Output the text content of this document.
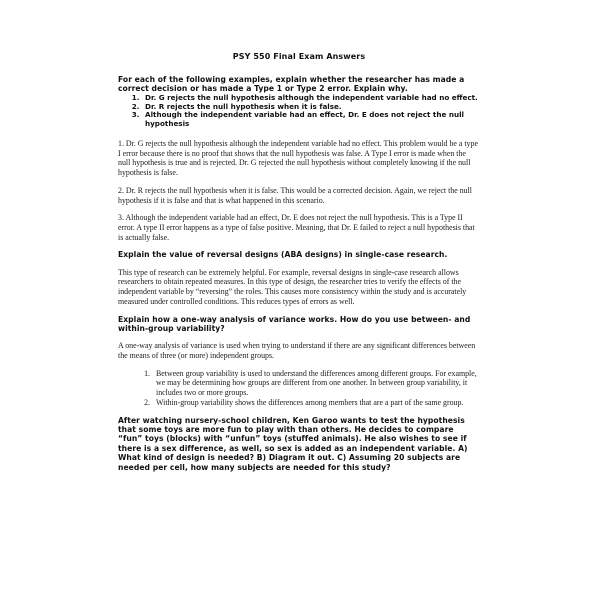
PSY 550 Final Exam Answers

For each of the following examples, explain whether the researcher has made a correct decision or has made a Type 1 or Type 2 error. Explain why.

1. Dr. G rejects the null hypothesis although the independent variable had no effect.
2. Dr. R rejects the null hypothesis when it is false.
3. Although the independent variable had an effect, Dr. E does not reject the null hypothesis

1. Dr. G rejects the null hypothesis although the independent variable had no effect. This problem would be a type I error because there is no proof that shows that the null hypothesis was false. A Type I error is made when the null hypothesis is true and is rejected. Dr. G rejected the null hypothesis without completely knowing if the null hypothesis is false.

2. Dr. R rejects the null hypothesis when it is false. This would be a corrected decision. Again, we reject the null hypothesis if it is false and that is what happened in this scenario.

3. Although the independent variable had an effect, Dr. E does not reject the null hypothesis. This is a Type II error. A type II error happens as a type of false positive. Meaning, that Dr. E failed to reject a null hypothesis that is actually false.

Explain the value of reversal designs (ABA designs) in single-case research.

This type of research can be extremely helpful. For example, reversal designs in single-case research allows researchers to obtain repeated measures. In this type of design, the researcher tries to verify the effects of the independent variable by “reversing” the roles. This causes more consistency within the study and is accurately measured under controlled conditions. This reduces types of errors as well.

Explain how a one-way analysis of variance works. How do you use between- and within-group variability?

A one-way analysis of variance is used when trying to understand if there are any significant differences between the means of three (or more) independent groups.

1. Between group variability is used to understand the differences among different groups. For example, we may be determining how groups are different from one another. In between group variability, it includes two or more groups.
2. Within-group variability shows the differences among members that are a part of the same group.

After watching nursery-school children, Ken Garoo wants to test the hypothesis that some toys are more fun to play with than others. He decides to compare “fun” toys (blocks) with “unfun” toys (stuffed animals). He also wishes to see if there is a sex difference, as well, so sex is added as an independent variable. A) What kind of design is needed? B) Diagram it out. C) Assuming 20 subjects are needed per cell, how many subjects are needed for this study?
